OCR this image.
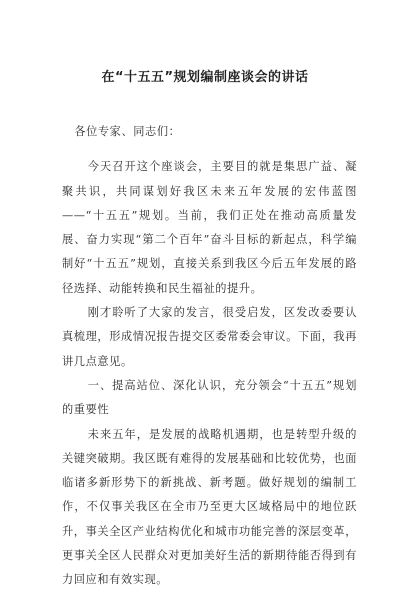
在“十五五”规划编制座谈会的讲话

各位专家、同志们：

今天召开这个座谈会，主要目的就是集思广益、凝聚共识，共同谋划好我区未来五年发展的宏伟蓝图——“十五五”规划。当前，我们正处在推动高质量发展、奋力实现“第二个百年”奋斗目标的新起点，科学编制好“十五五”规划，直接关系到我区今后五年发展的路径选择、动能转换和民生福祉的提升。

刚才聆听了大家的发言，很受启发，区发改委要认真梳理，形成情况报告提交区委常委会审议。下面，我再讲几点意见。

一、提高站位、深化认识，充分领会“十五五”规划的重要性

未来五年，是发展的战略机遇期，也是转型升级的关键突破期。我区既有难得的发展基础和比较优势，也面临诸多新形势下的新挑战、新考题。做好规划的编制工作，不仅事关我区在全市乃至更大区域格局中的地位跃升，事关全区产业结构优化和城市功能完善的深层变革，更事关全区人民群众对更加美好生活的新期待能否得到有力回应和有效实现。
